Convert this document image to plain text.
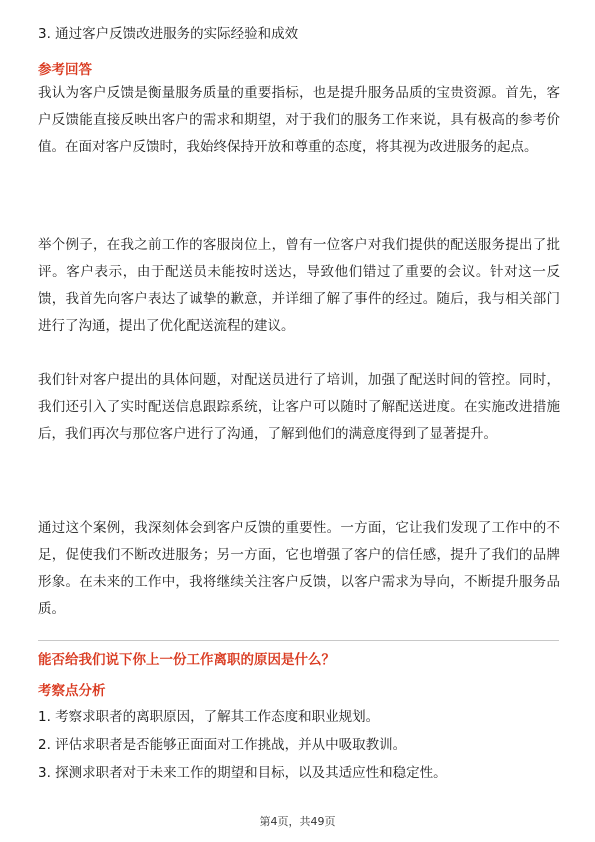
3. 通过客户反馈改进服务的实际经验和成效
参考回答
我认为客户反馈是衡量服务质量的重要指标，也是提升服务品质的宝贵资源。首先，客户反馈能直接反映出客户的需求和期望，对于我们的服务工作来说，具有极高的参考价值。在面对客户反馈时，我始终保持开放和尊重的态度，将其视为改进服务的起点。
举个例子，在我之前工作的客服岗位上，曾有一位客户对我们提供的配送服务提出了批评。客户表示，由于配送员未能按时送达，导致他们错过了重要的会议。针对这一反馈，我首先向客户表达了诚挚的歉意，并详细了解了事件的经过。随后，我与相关部门进行了沟通，提出了优化配送流程的建议。
我们针对客户提出的具体问题，对配送员进行了培训，加强了配送时间的管控。同时，我们还引入了实时配送信息跟踪系统，让客户可以随时了解配送进度。在实施改进措施后，我们再次与那位客户进行了沟通，了解到他们的满意度得到了显著提升。
通过这个案例，我深刻体会到客户反馈的重要性。一方面，它让我们发现了工作中的不足，促使我们不断改进服务；另一方面，它也增强了客户的信任感，提升了我们的品牌形象。在未来的工作中，我将继续关注客户反馈，以客户需求为导向，不断提升服务品质。
能否给我们说下你上一份工作离职的原因是什么？
考察点分析
1. 考察求职者的离职原因，了解其工作态度和职业规划。
2. 评估求职者是否能够正面面对工作挑战，并从中吸取教训。
3. 探测求职者对于未来工作的期望和目标，以及其适应性和稳定性。
第4页，共49页
